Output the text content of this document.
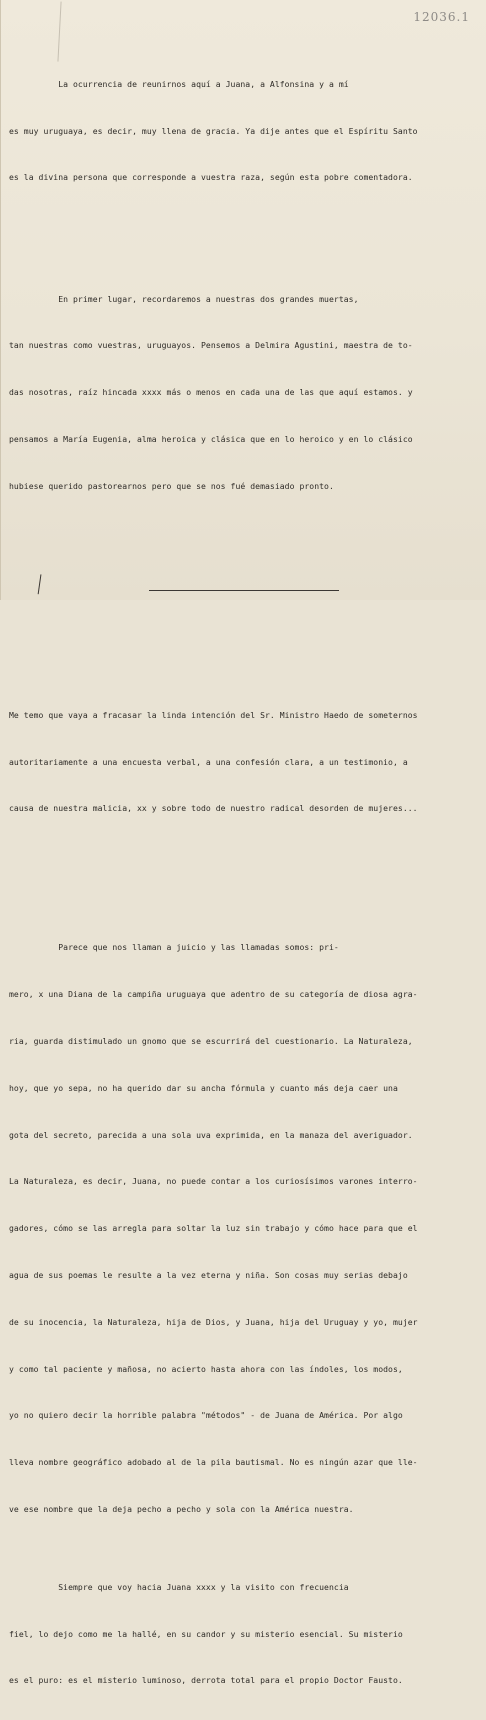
12036.1

La ocurrencia de reunirnos aquí a Juana, a Alfonsina y a mí

es muy uruguaya, es decir, muy llena de gracia. Ya dije antes que el Espíritu Santo

es la divina persona que corresponde a vuestra raza, según esta pobre comentadora.

En primer lugar, recordaremos a nuestras dos grandes muertas,

tan nuestras como vuestras, uruguayos. Pensemos a Delmira Agustini, maestra de to-

das nosotras, raíz hincada xxxx más o menos en cada una de las que aquí estamos. y

pensamos a María Eugenia, alma heroica y clásica que en lo heroico y en lo clásico

hubiese querido pastorearnos pero que se nos fué demasiado pronto.

Me temo que vaya a fracasar la linda intención del Sr. Ministro Haedo de someternos

autoritariamente a una encuesta verbal, a una confesión clara, a un testimonio, a

causa de nuestra malicia, xx y sobre todo de nuestro radical desorden de mujeres...

Parece que nos llaman a juicio y las llamadas somos: pri-

mero, x una Diana de la campiña uruguaya que adentro de su categoría de diosa agra-

ria, guarda distimulado un gnomo que se escurrirá del cuestionario. La Naturaleza,

hoy, que yo sepa, no ha querido dar su ancha fórmula y cuanto más deja caer una

gota del secreto, parecida a una sola uva exprimida, en la manaza del averiguador.

La Naturaleza, es decir, Juana, no puede contar a los curiosísimos varones interro-

gadores, cómo se las arregla para soltar la luz sin trabajo y cómo hace para que el

agua de sus poemas le resulte a la vez eterna y niña. Son cosas muy serias debajo

de su inocencia, la Naturaleza, hija de Dios, y Juana, hija del Uruguay y yo, mujer

y como tal paciente y mañosa, no acierto hasta ahora con las índoles, los modos,

yo no quiero decir la horrible palabra "métodos" - de Juana de América. Por algo

lleva nombre geográfico adobado al de la pila bautismal. No es ningún azar que lle-

ve ese nombre que la deja pecho a pecho y sola con la América nuestra.

Siempre que voy hacia Juana xxxx y la visito con frecuencia

fiel, lo dejo como me la hallé, en su candor y su misterio esencial. Su misterio

es el puro: es el misterio luminoso, derrota total para el propio Doctor Fausto.
